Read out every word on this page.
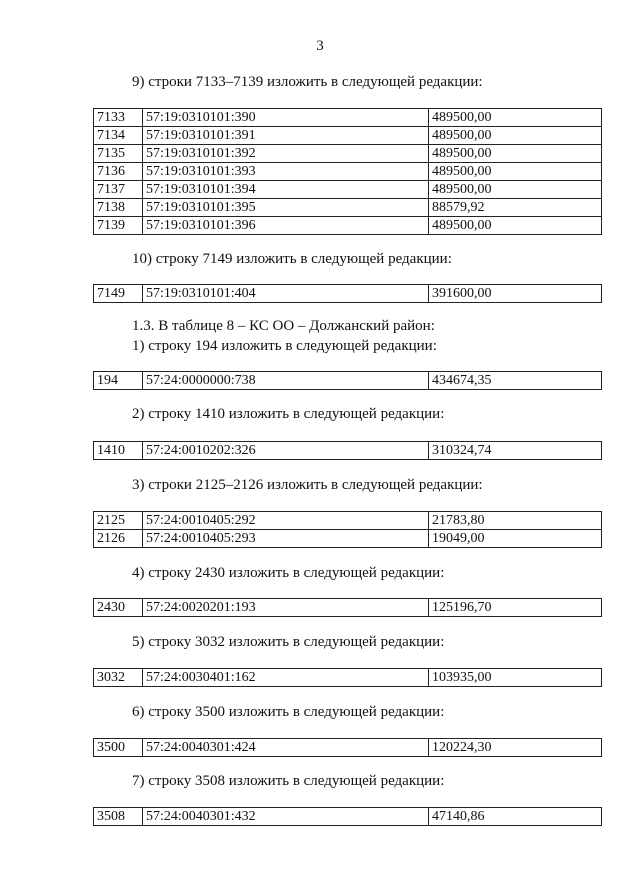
3
9) строки 7133–7139 изложить в следующей редакции:
7133	57:19:0310101:390	489500,00
7134	57:19:0310101:391	489500,00
7135	57:19:0310101:392	489500,00
7136	57:19:0310101:393	489500,00
7137	57:19:0310101:394	489500,00
7138	57:19:0310101:395	88579,92
7139	57:19:0310101:396	489500,00
10) строку 7149 изложить в следующей редакции:
7149	57:19:0310101:404	391600,00
1.3. В таблице 8 – КС ОО – Должанский район:
1) строку 194 изложить в следующей редакции:
194	57:24:0000000:738	434674,35
2) строку 1410 изложить в следующей редакции:
1410	57:24:0010202:326	310324,74
3) строки 2125–2126 изложить в следующей редакции:
2125	57:24:0010405:292	21783,80
2126	57:24:0010405:293	19049,00
4) строку 2430 изложить в следующей редакции:
2430	57:24:0020201:193	125196,70
5) строку 3032 изложить в следующей редакции:
3032	57:24:0030401:162	103935,00
6) строку 3500 изложить в следующей редакции:
3500	57:24:0040301:424	120224,30
7) строку 3508 изложить в следующей редакции:
3508	57:24:0040301:432	47140,86
